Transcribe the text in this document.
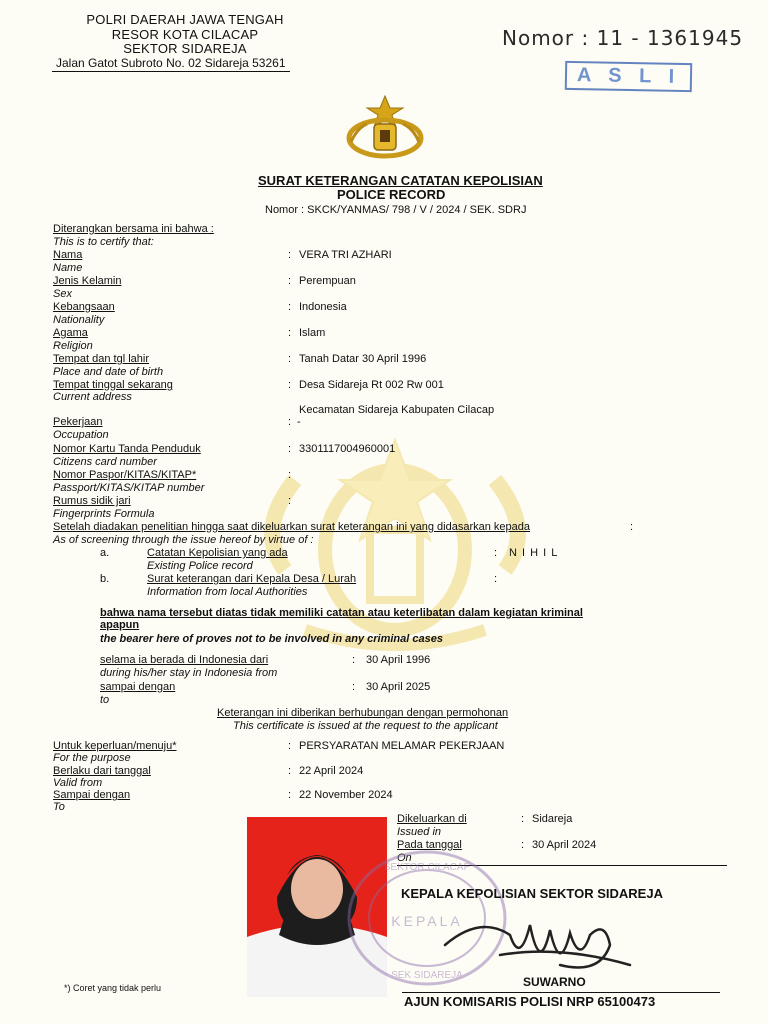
POLRI DAERAH JAWA TENGAH
RESOR KOTA CILACAP
SEKTOR SIDAREJA
Jalan Gatot Subroto No. 02 Sidareja 53261
Nomor : 11 - 1361945
A S L I
SURAT KETERANGAN CATATAN KEPOLISIAN
POLICE RECORD
Nomor : SKCK/YANMAS/ 798 / V / 2024 / SEK. SDRJ
Diterangkan bersama ini bahwa :
This is to certify that:
Nama
Name
: VERA TRI AZHARI
Jenis Kelamin
Sex
: Perempuan
Kebangsaan
Nationality
: Indonesia
Agama
Religion
: Islam
Tempat dan tgl lahir
Place and date of birth
: Tanah Datar 30 April 1996
Tempat tinggal sekarang
Current address
: Desa Sidareja Rt 002 Rw 001
Kecamatan Sidareja Kabupaten Cilacap
Pekerjaan
Occupation
: -
Nomor Kartu Tanda Penduduk
Citizens card number
: 3301117004960001
Nomor Paspor/KITAS/KITAP*
Passport/KITAS/KITAP number
:
Rumus sidik jari
Fingerprints Formula
:
Setelah diadakan penelitian hingga saat dikeluarkan surat keterangan ini yang didasarkan kepada	:
As of screening through the issue hereof by virtue of :
a.	Catatan Kepolisian yang ada
Existing Police record
: N I H I L
b.	Surat keterangan dari Kepala Desa / Lurah
Information from local Authorities
:
bahwa nama tersebut diatas tidak memiliki catatan atau keterlibatan dalam kegiatan kriminal
apapun
the bearer here of proves not to be involved in any criminal cases
selama ia berada di Indonesia dari
during his/her stay in Indonesia from
: 30 April 1996
sampai dengan
to
: 30 April 2025
Keterangan ini diberikan berhubungan dengan permohonan
This certificate is issued at the request to the applicant
Untuk keperluan/menuju*
For the purpose
: PERSYARATAN MELAMAR PEKERJAAN
Berlaku dari tanggal
Valid from
: 22 April 2024
Sampai dengan
To
: 22 November 2024
Dikeluarkan di
Issued in
: Sidareja
Pada tanggal
On
: 30 April 2024
SEKTOR CILACAP
KEPALA
SEK SIDAREJA
KEPALA KEPOLISIAN SEKTOR SIDAREJA
SUWARNO
AJUN KOMISARIS POLISI NRP 65100473
*) Coret yang tidak perlu
